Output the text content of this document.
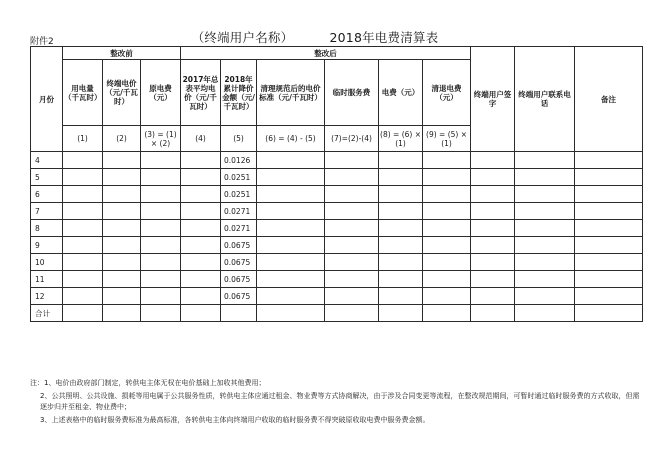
附件2	（终端用户名称）	2018年电费清算表
月份	整改前			整改后						终端用户签字	终端用户联系电话	备注
	用电量（千瓦时）	终端电价（元/千瓦时）	原电费（元）	2017年总表平均电价（元/千瓦时）	2018年累计降价金额（元/千瓦时）	清理规范后的电价标准（元/千瓦时）	临时服务费	电费（元）	清退电费（元）			
	(1)	(2)	(3) = (1) × (2)	(4)	(5)	(6) = (4) - (5)	(7)=(2)-(4)	(8) = (6) × (1)	(9) = (5) × (1)			
4					0.0126							
5					0.0251							
6					0.0251							
7					0.0271							
8					0.0271							
9					0.0675							
10					0.0675							
11					0.0675							
12					0.0675							
合计												

注：1、电价由政府部门制定，转供电主体无权在电价基础上加收其他费用；

2、公共照明、公共设施、损耗等用电属于公共服务性质，转供电主体应通过租金、物业费等方式协商解决，由于涉及合同变更等流程，在整改规范期间，可暂时通过临时服务费的方式收取，但需逐步归并至租金、物业费中；

3、上述表格中的临时服务费标准为最高标准，各转供电主体向终端用户收取的临时服务费不得突破原收取电费中服务费金额。
